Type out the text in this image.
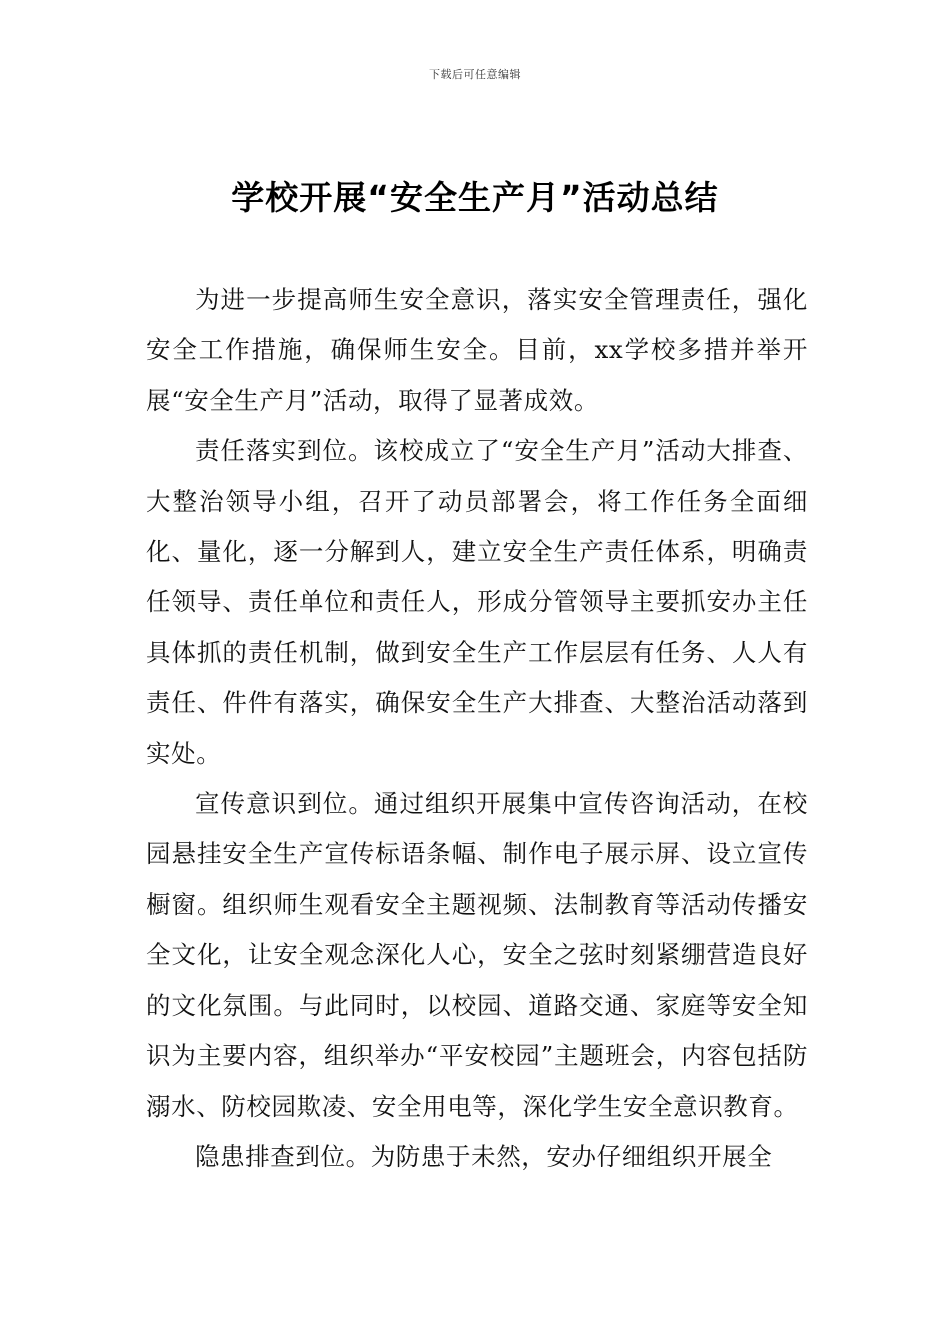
下载后可任意编辑
学校开展“安全生产月”活动总结

为进一步提高师生安全意识，落实安全管理责任，强化安全工作措施，确保师生安全。目前，xx学校多措并举开展“安全生产月”活动，取得了显著成效。

责任落实到位。该校成立了“安全生产月”活动大排查、大整治领导小组，召开了动员部署会，将工作任务全面细化、量化，逐一分解到人，建立安全生产责任体系，明确责任领导、责任单位和责任人，形成分管领导主要抓安办主任具体抓的责任机制，做到安全生产工作层层有任务、人人有责任、件件有落实，确保安全生产大排查、大整治活动落到实处。

宣传意识到位。通过组织开展集中宣传咨询活动，在校园悬挂安全生产宣传标语条幅、制作电子展示屏、设立宣传橱窗。组织师生观看安全主题视频、法制教育等活动传播安全文化，让安全观念深化人心，安全之弦时刻紧绷营造良好的文化氛围。与此同时，以校园、道路交通、家庭等安全知识为主要内容，组织举办“平安校园”主题班会，内容包括防溺水、防校园欺凌、安全用电等，深化学生安全意识教育。

隐患排查到位。为防患于未然，安办仔细组织开展全
